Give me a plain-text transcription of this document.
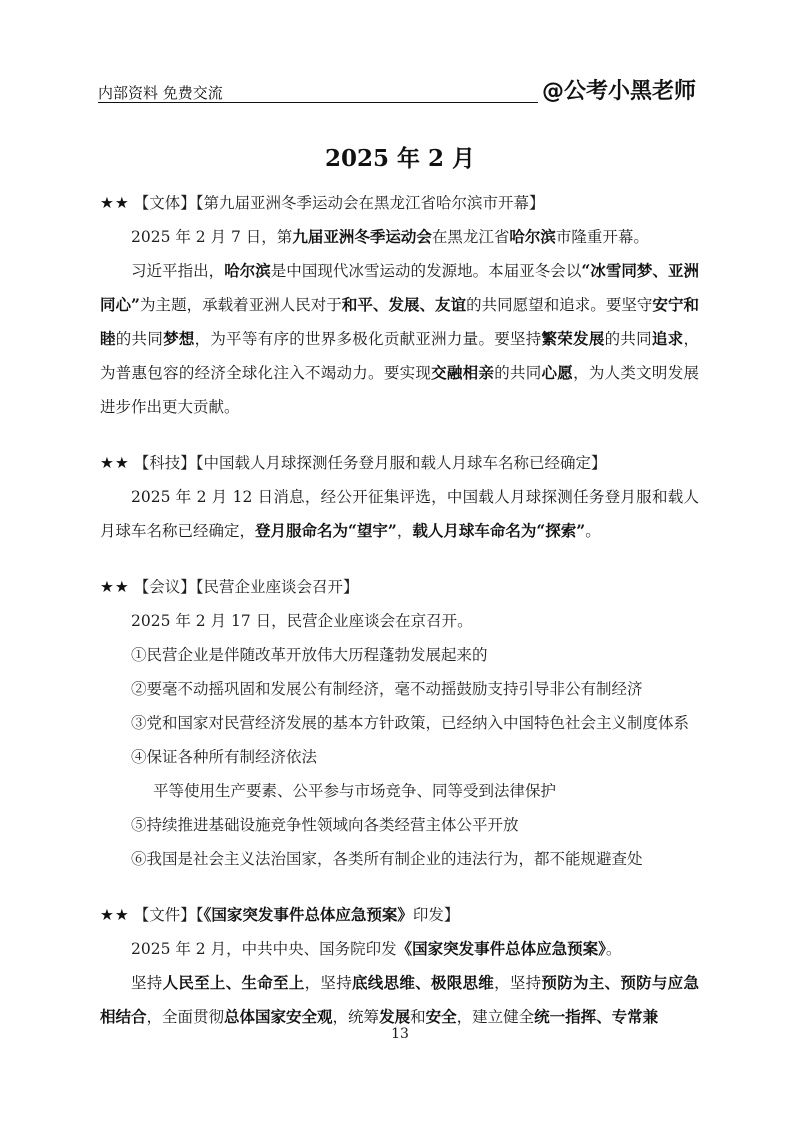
内部资料 免费交流	@公考小黑老师
2025 年 2 月
★★ 【文体】【第九届亚洲冬季运动会在黑龙江省哈尔滨市开幕】
2025 年 2 月 7 日，第九届亚洲冬季运动会在黑龙江省哈尔滨市隆重开幕。
习近平指出，哈尔滨是中国现代冰雪运动的发源地。本届亚冬会以“冰雪同梦、亚洲同心”为主题，承载着亚洲人民对于和平、发展、友谊的共同愿望和追求。要坚守安宁和睦的共同梦想，为平等有序的世界多极化贡献亚洲力量。要坚持繁荣发展的共同追求，为普惠包容的经济全球化注入不竭动力。要实现交融相亲的共同心愿，为人类文明发展进步作出更大贡献。
★★ 【科技】【中国载人月球探测任务登月服和载人月球车名称已经确定】
2025 年 2 月 12 日消息，经公开征集评选，中国载人月球探测任务登月服和载人月球车名称已经确定，登月服命名为“望宇”，载人月球车命名为“探索”。
★★ 【会议】【民营企业座谈会召开】
2025 年 2 月 17 日，民营企业座谈会在京召开。
①民营企业是伴随改革开放伟大历程蓬勃发展起来的
②要毫不动摇巩固和发展公有制经济，毫不动摇鼓励支持引导非公有制经济
③党和国家对民营经济发展的基本方针政策，已经纳入中国特色社会主义制度体系
④保证各种所有制经济依法
平等使用生产要素、公平参与市场竞争、同等受到法律保护
⑤持续推进基础设施竞争性领域向各类经营主体公平开放
⑥我国是社会主义法治国家，各类所有制企业的违法行为，都不能规避查处
★★ 【文件】【《国家突发事件总体应急预案》印发】
2025 年 2 月，中共中央、国务院印发《国家突发事件总体应急预案》。
坚持人民至上、生命至上，坚持底线思维、极限思维，坚持预防为主、预防与应急相结合，全面贯彻总体国家安全观，统筹发展和安全，建立健全统一指挥、专常兼
13
